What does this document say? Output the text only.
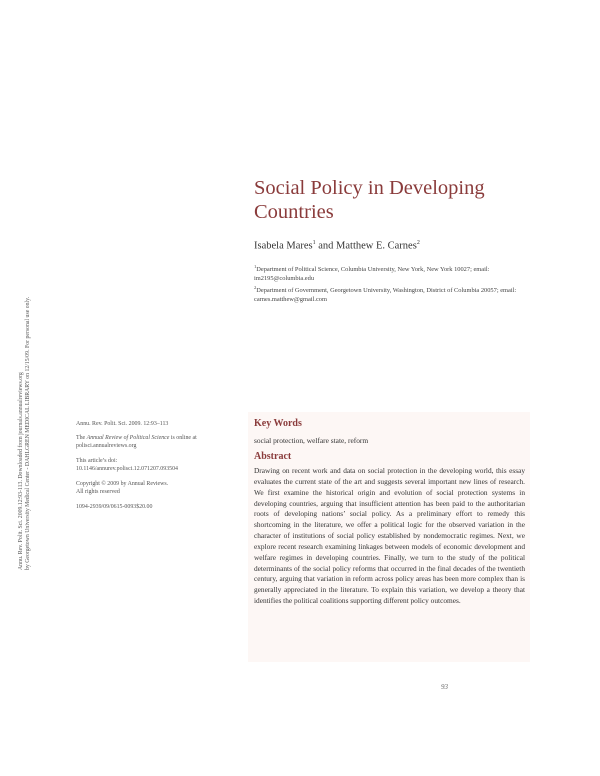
Annu. Rev. Polit. Sci. 2009.12:93-113. Downloaded from journals.annualreviews.org by Georgetown University Medical Center - DAHLGREN MEDICAL LIBRARY on 12/15/09. For personal use only.
Social Policy in Developing Countries
Isabela Mares$^1$ and Matthew E. Carnes$^2$
$^1$Department of Political Science, Columbia University, New York, New York 10027; email: im2195@columbia.edu
$^2$Department of Government, Georgetown University, Washington, District of Columbia 20057; email: carnes.matthew@gmail.com
Annu. Rev. Polit. Sci. 2009. 12:93–113
The Annual Review of Political Science is online at polisci.annualreviews.org
This article’s doi:
10.1146/annurev.polisci.12.071207.093504
Copyright © 2009 by Annual Reviews.
All rights reserved
1094-2939/09/0615-0093$20.00
Key Words
social protection, welfare state, reform
Abstract

Drawing on recent work and data on social protection in the developing world, this essay evaluates the current state of the art and suggests several important new lines of research. We first examine the historical origin and evolution of social protection systems in developing countries, arguing that insufficient attention has been paid to the authoritarian roots of developing nations’ social policy. As a preliminary effort to remedy this shortcoming in the literature, we offer a political logic for the observed variation in the character of institutions of social policy established by nondemocratic regimes. Next, we explore recent research examining linkages between models of economic development and welfare regimes in developing countries. Finally, we turn to the study of the political determinants of the social policy reforms that occurred in the final decades of the twentieth century, arguing that variation in reform across policy areas has been more complex than is generally appreciated in the literature. To explain this variation, we develop a theory that identifies the political coalitions supporting different policy outcomes.

93
